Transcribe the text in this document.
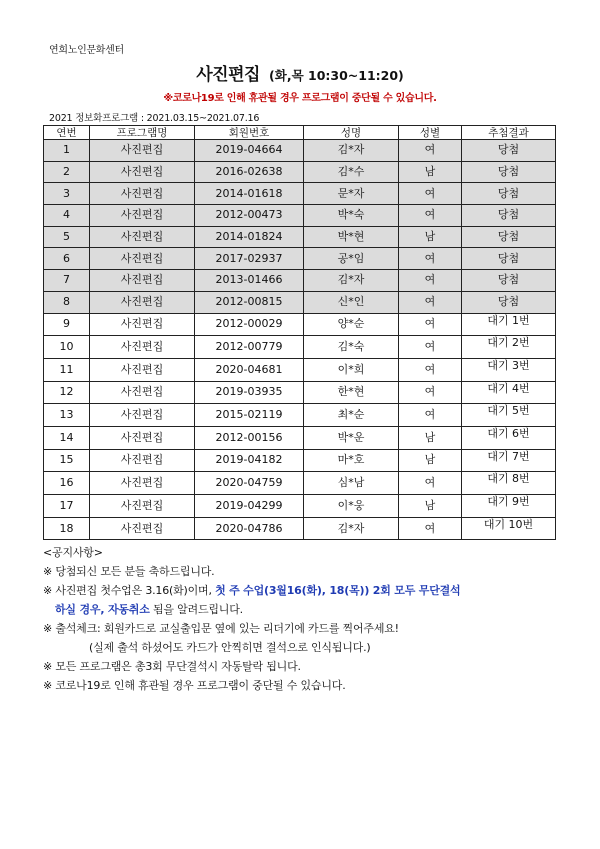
연희노인문화센터
사진편집 (화,목 10:30~11:20)
※코로나19로 인해 휴관될 경우 프로그램이 중단될 수 있습니다.
2021 정보화프로그램 : 2021.03.15~2021.07.16
연번	프로그램명	회원번호	성명	성별	추첨결과
1	사진편집	2019-04664	김*자	여	당첨
2	사진편집	2016-02638	김*수	남	당첨
3	사진편집	2014-01618	문*자	여	당첨
4	사진편집	2012-00473	박*숙	여	당첨
5	사진편집	2014-01824	박*현	남	당첨
6	사진편집	2017-02937	공*임	여	당첨
7	사진편집	2013-01466	김*자	여	당첨
8	사진편집	2012-00815	신*인	여	당첨
9	사진편집	2012-00029	양*순	여	대기 1번
10	사진편집	2012-00779	김*숙	여	대기 2번
11	사진편집	2020-04681	이*희	여	대기 3번
12	사진편집	2019-03935	한*현	여	대기 4번
13	사진편집	2015-02119	최*순	여	대기 5번
14	사진편집	2012-00156	박*운	남	대기 6번
15	사진편집	2019-04182	마*호	남	대기 7번
16	사진편집	2020-04759	심*남	여	대기 8번
17	사진편집	2019-04299	이*웅	남	대기 9번
18	사진편집	2020-04786	김*자	여	대기 10번
<공지사항>
※ 당첨되신 모든 분들 축하드립니다.
※ 사진편집 첫수업은 3.16(화)이며, 첫 주 수업(3월16(화), 18(목)) 2회 모두 무단결석
하실 경우, 자동취소 됨을 알려드립니다.
※ 출석체크: 회원카드로 교실출입문 옆에 있는 리더기에 카드를 찍어주세요!
(실제 출석 하셨어도 카드가 안찍히면 결석으로 인식됩니다.)
※ 모든 프로그램은 총3회 무단결석시 자동탈락 됩니다.
※ 코로나19로 인해 휴관될 경우 프로그램이 중단될 수 있습니다.
